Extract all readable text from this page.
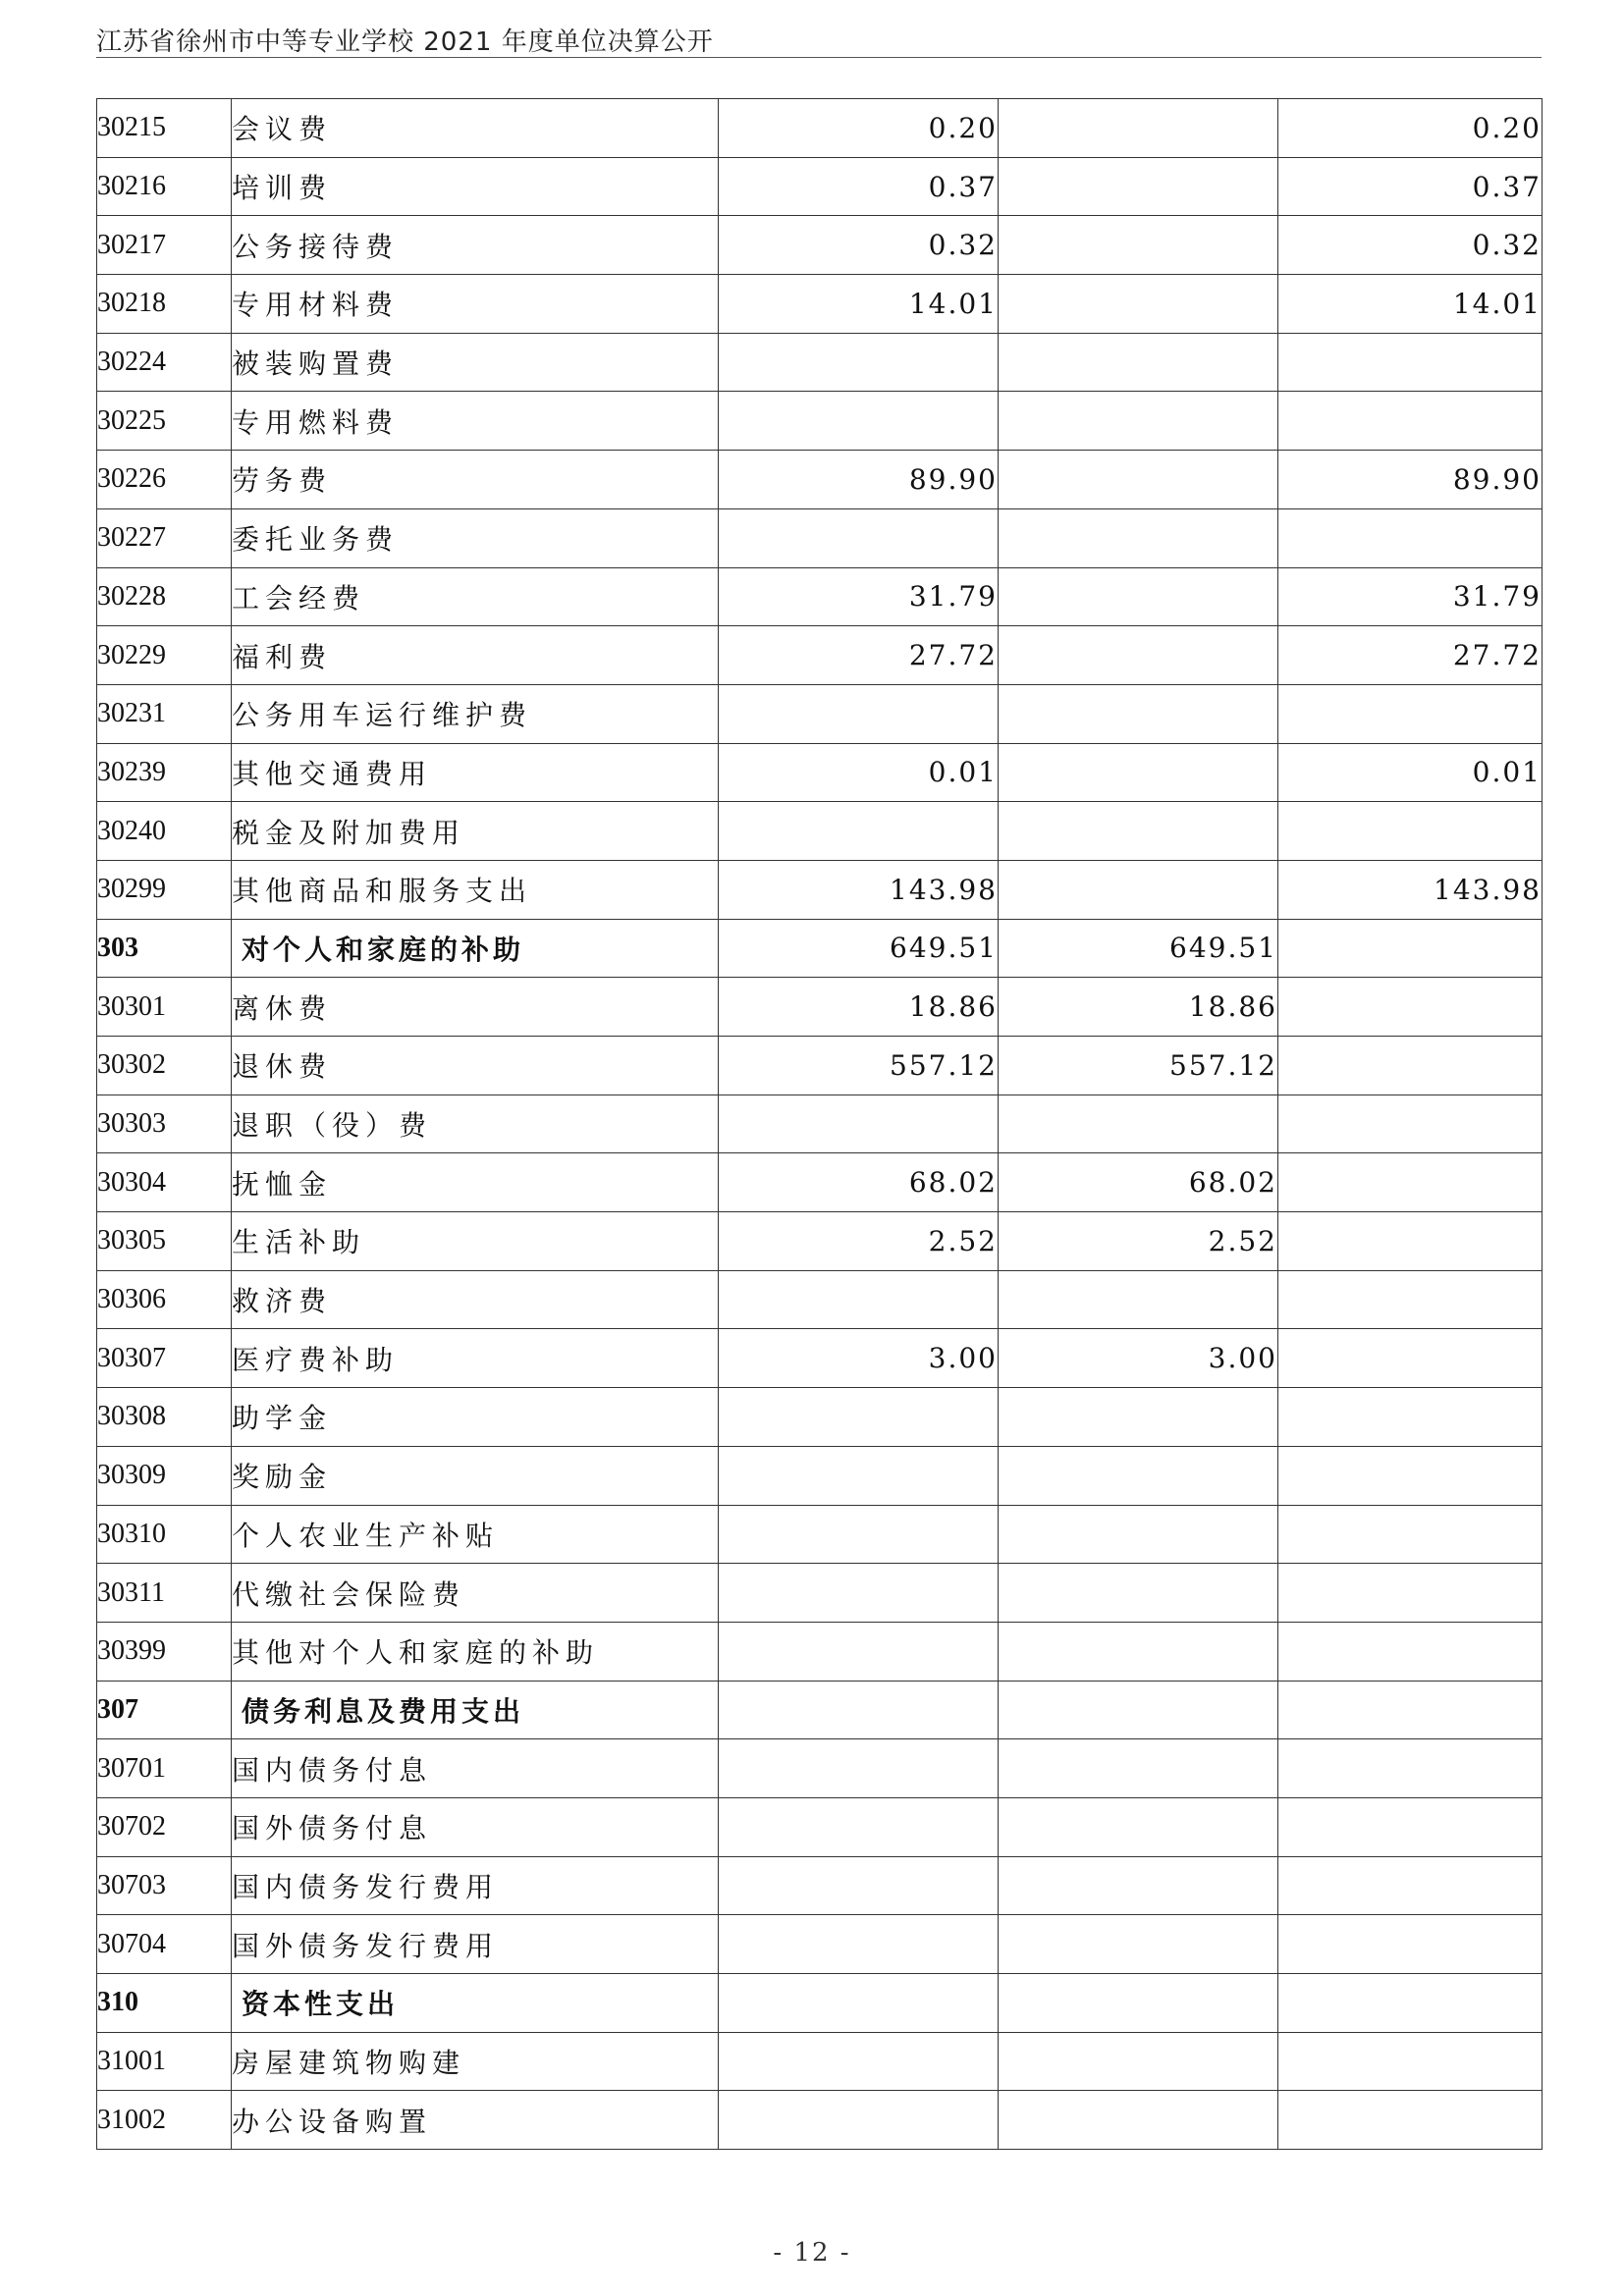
江苏省徐州市中等专业学校 2021 年度单位决算公开
30215	会议费	0.20		0.20
30216	培训费	0.37		0.37
30217	公务接待费	0.32		0.32
30218	专用材料费	14.01		14.01
30224	被装购置费			
30225	专用燃料费			
30226	劳务费	89.90		89.90
30227	委托业务费			
30228	工会经费	31.79		31.79
30229	福利费	27.72		27.72
30231	公务用车运行维护费			
30239	其他交通费用	0.01		0.01
30240	税金及附加费用			
30299	其他商品和服务支出	143.98		143.98
303	对个人和家庭的补助	649.51	649.51	
30301	离休费	18.86	18.86	
30302	退休费	557.12	557.12	
30303	退职（役）费			
30304	抚恤金	68.02	68.02	
30305	生活补助	2.52	2.52	
30306	救济费			
30307	医疗费补助	3.00	3.00	
30308	助学金			
30309	奖励金			
30310	个人农业生产补贴			
30311	代缴社会保险费			
30399	其他对个人和家庭的补助			
307	债务利息及费用支出			
30701	国内债务付息			
30702	国外债务付息			
30703	国内债务发行费用			
30704	国外债务发行费用			
310	资本性支出			
31001	房屋建筑物购建			
31002	办公设备购置			
- 12 -
